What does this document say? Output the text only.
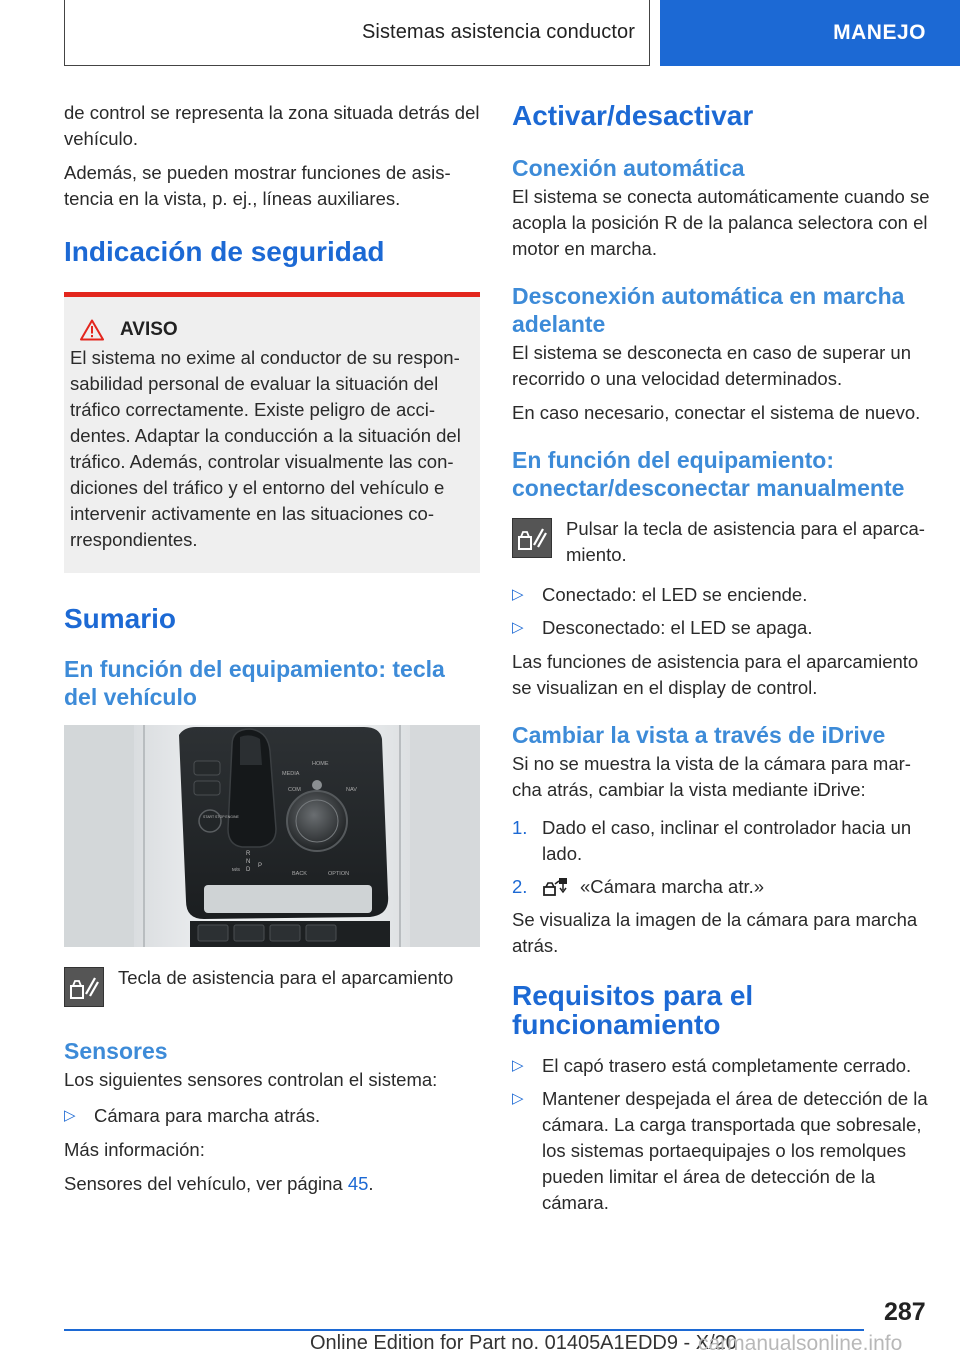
Sistemas asistencia conductor	MANEJO

de control se representa la zona situada detrás del vehículo.

Además, se pueden mostrar funciones de asistencia en la vista, p. ej., líneas auxiliares.

Indicación de seguridad
AVISO

El sistema no exime al conductor de su responsabilidad personal de evaluar la situación del tráfico correctamente. Existe peligro de accidentes. Adaptar la conducción a la situación del tráfico. Además, controlar visualmente las condiciones del tráfico y el entorno del vehículo e intervenir activamente en las situaciones correspondientes.

Sumario
En función del equipamiento: tecla del vehículo
MEDIA
HOME
COM	NAV
BACK	OPTION
START STOP ENGINE
R
N
D
P
M/S

Tecla de asistencia para el aparcamiento

Sensores

Los siguientes sensores controlan el sistema:

▷ Cámara para marcha atrás.

Más información:

Sensores del vehículo, ver página 45.

Activar/desactivar
Conexión automática

El sistema se conecta automáticamente cuando se acopla la posición R de la palanca selectora con el motor en marcha.

Desconexión automática en marcha adelante

El sistema se desconecta en caso de superar un recorrido o una velocidad determinados.

En caso necesario, conectar el sistema de nuevo.

En función del equipamiento: conectar/desconectar manualmente

Pulsar la tecla de asistencia para el aparcamiento.

▷ Conectado: el LED se enciende.
▷ Desconectado: el LED se apaga.

Las funciones de asistencia para el aparcamiento se visualizan en el display de control.

Cambiar la vista a través de iDrive

Si no se muestra la vista de la cámara para marcha atrás, cambiar la vista mediante iDrive:

1. Dado el caso, inclinar el controlador hacia un lado.
2.	«Cámara marcha atr.»

Se visualiza la imagen de la cámara para marcha atrás.

Requisitos para el funcionamiento
▷ El capó trasero está completamente cerrado.
▷ Mantener despejada el área de detección de la cámara. La carga transportada que sobresale, los sistemas portaequipajes o los remolques pueden limitar el área de detección de la cámara.
287
Online Edition for Part no. 01405A1EDD9 - X/20
carmanualsonline.info
